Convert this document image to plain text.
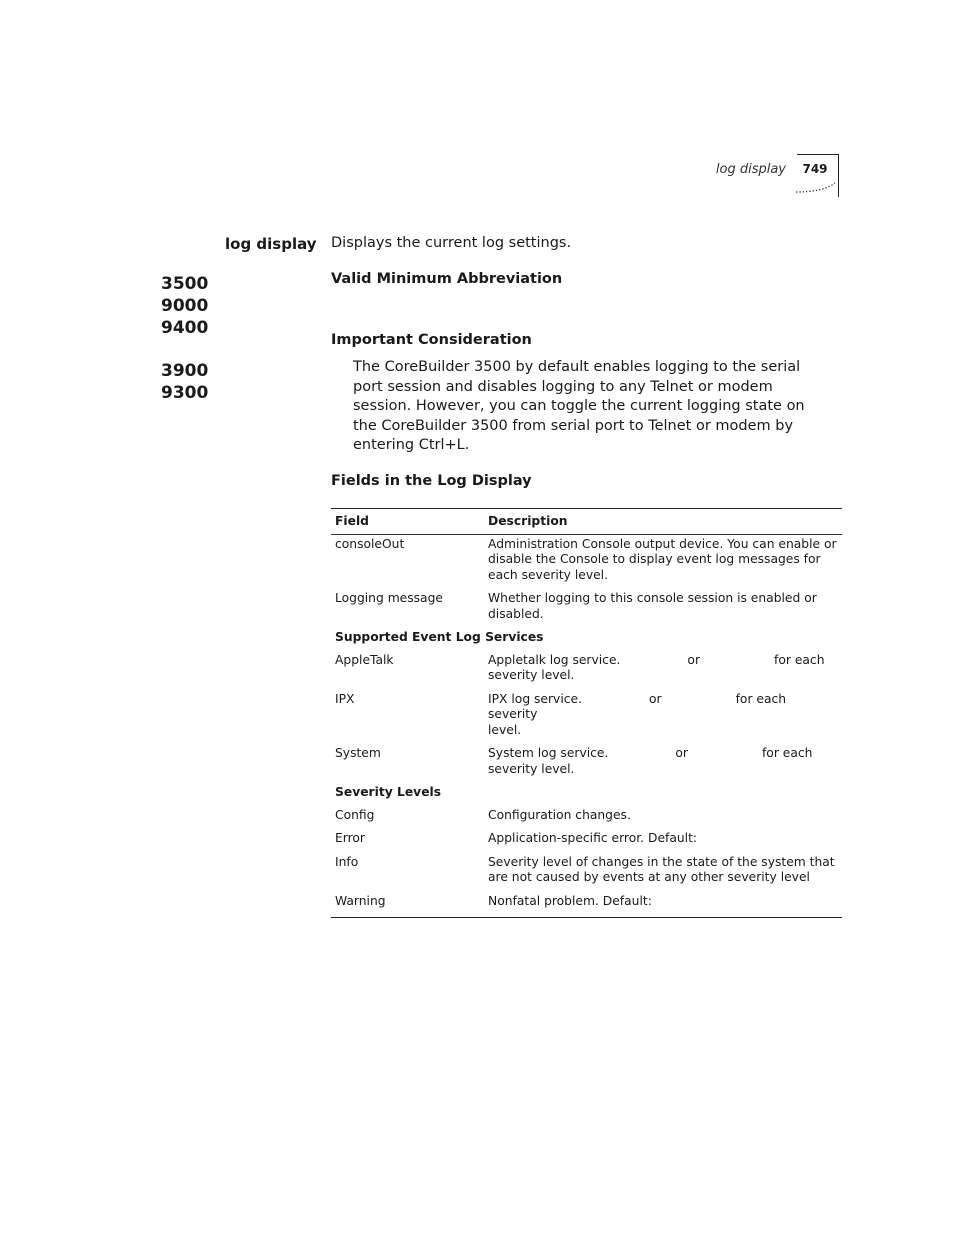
log display 749
log display Displays the current log settings.
3500
9000
9400
3900
9300
Valid Minimum Abbreviation
Important Consideration
The CoreBuilder 3500 by default enables logging to the serial port session and disables logging to any Telnet or modem session. However, you can toggle the current logging state on the CoreBuilder 3500 from serial port to Telnet or modem by entering Ctrl+L.
Fields in the Log Display
Field	Description
consoleOut	Administration Console output device. You can enable or disable the Console to display event log messages for each severity level.
Logging message	Whether logging to this console session is enabled or disabled.
Supported Event Log Services	
AppleTalk	Appletalk log service. or for each
severity level.
IPX	IPX log service. or for each severity
level.
System	System log service. or for each
severity level.
Severity Levels	
Config	Configuration changes.
Error	Application-specific error. Default:
Info	Severity level of changes in the state of the system that are not caused by events at any other severity level
Warning	Nonfatal problem. Default:
